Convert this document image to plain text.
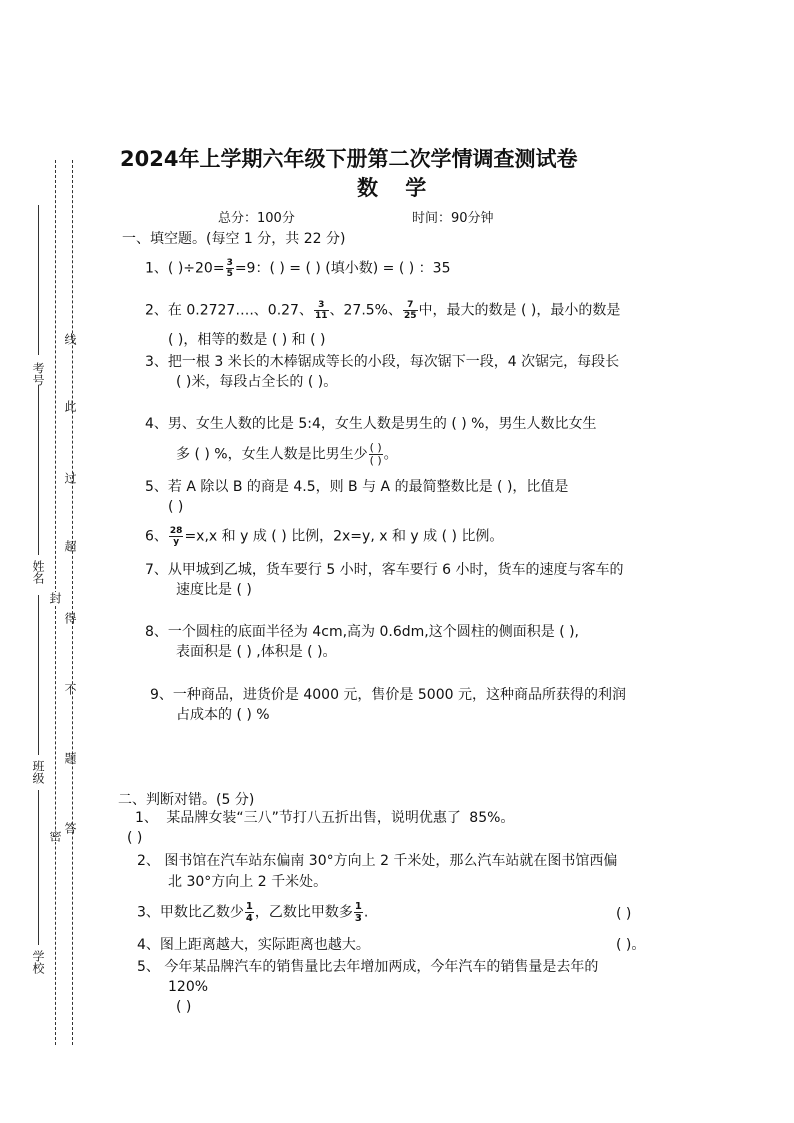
考号
姓名
班级
学校
线
此
过
超
封
得
不
题
密
答
2024年上学期六年级下册第二次学情调查测试卷
数 学
总分：100分	时间：90分钟
一、填空题。(每空 1 分，共 22 分)
1、( )$\div 20= \frac{3}{5} =9$：( ) = ( ) (填小数) = ( ) ：35
2、在 0.2727….、0.27、 $\frac{3}{11}$ 、27.5%、 $\frac{7}{25}$ 中，最大的数是 ( )，最小的数是
( )，相等的数是 ( ) 和 ( )
3、把一根 3 米长的木棒锯成等长的小段，每次锯下一段，4 次锯完，每段长
( )米，每段占全长的 ( )。
4、男、女生人数的比是 5:4，女生人数是男生的 ( ) %，男生人数比女生
多 ( ) %，女生人数是比男生少 $\frac{( )}{( )}$ 。
5、若 A 除以 B 的商是 4.5，则 B 与 A 的最简整数比是 ( )，比值是
( )
6、 $\frac{28}{y} =x,x$ 和 y 成 ( ) 比例，2x=y, x 和 y 成 ( ) 比例。
7、从甲城到乙城，货车要行 5 小时，客车要行 6 小时，货车的速度与客车的
速度比是 ( )
8、一个圆柱的底面半径为 4cm,高为 0.6dm,这个圆柱的侧面积是 ( ),
表面积是 ( ) ,体积是 ( )。
9、一种商品，进货价是 4000 元，售价是 5000 元，这种商品所获得的利润
占成本的 ( ) %
二、判断对错。(5 分)
1、 某品牌女装“三八”节打八五折出售，说明优惠了 85%。
( )
2、 图书馆在汽车站东偏南 30°方向上 2 千米处，那么汽车站就在图书馆西偏
北 30°方向上 2 千米处。
3、甲数比乙数少 $\frac{1}{4}$ ，乙数比甲数多 $\frac{1}{3}$ .	( )
4、图上距离越大，实际距离也越大。	( )。
5、 今年某品牌汽车的销售量比去年增加两成，今年汽车的销售量是去年的
120%
( )
